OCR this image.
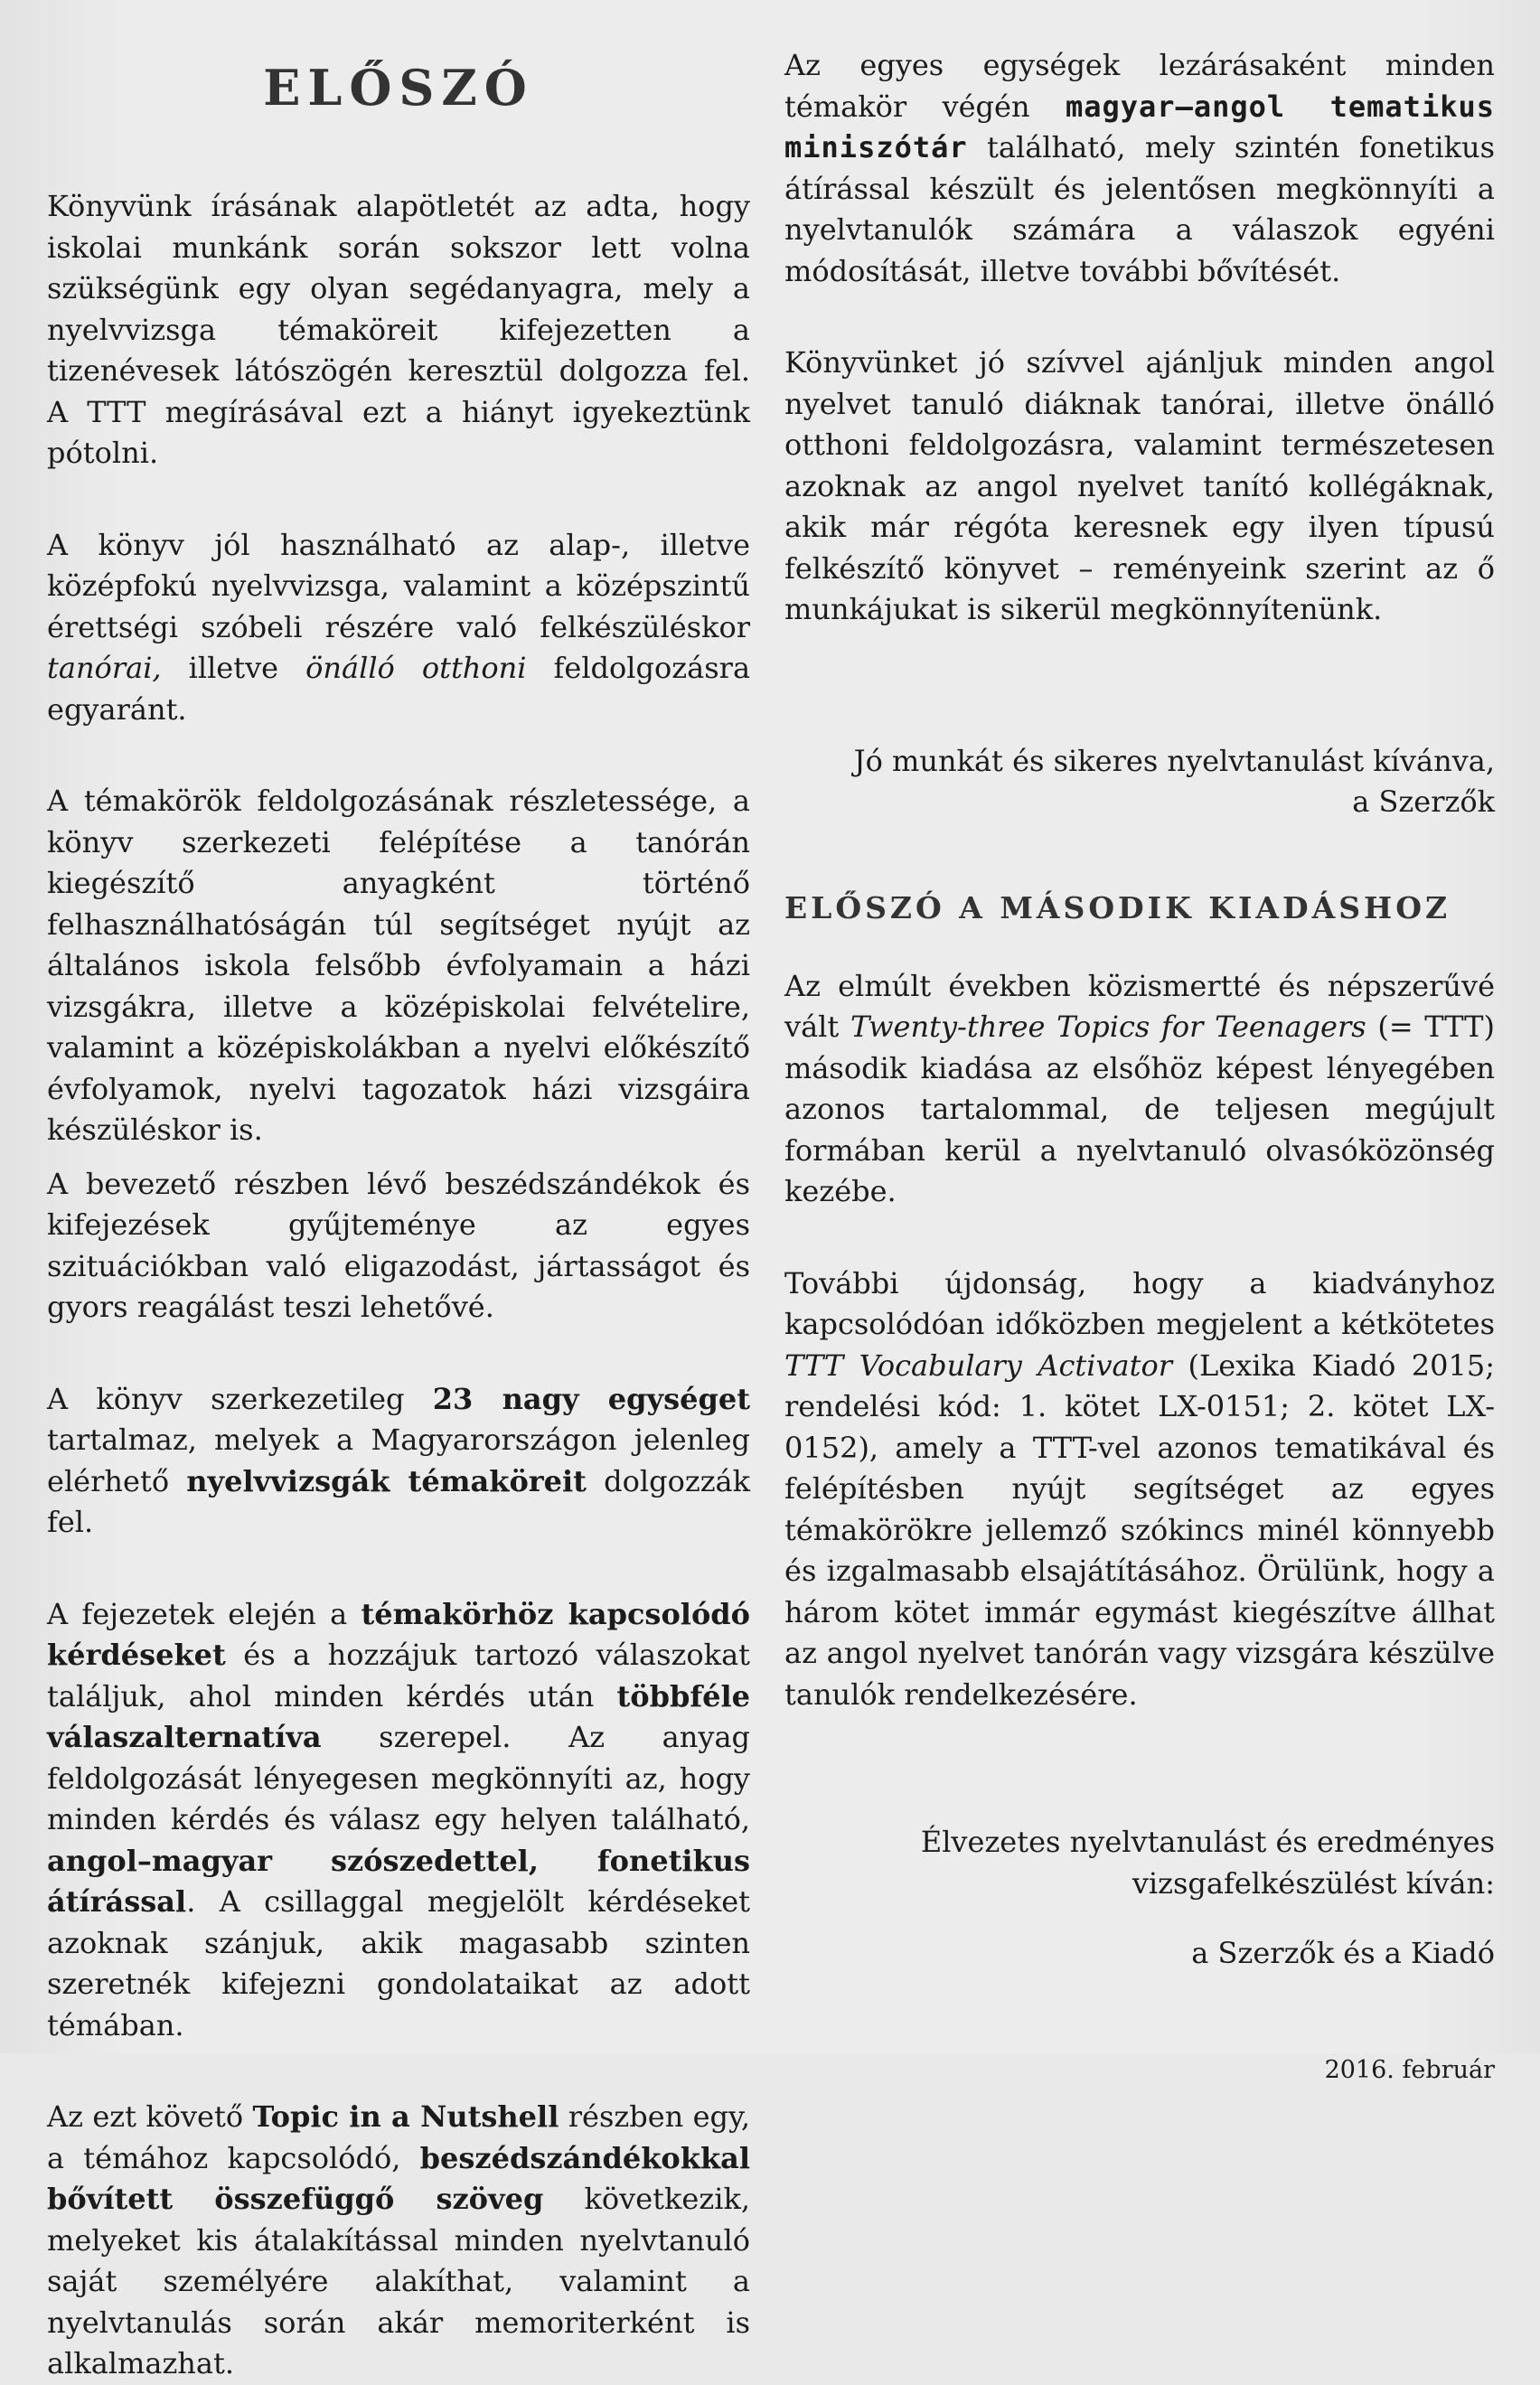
ELŐSZÓ

Könyvünk írásának alapötletét az adta, hogy iskolai munkánk során sokszor lett volna szükségünk egy olyan segédanyagra, mely a nyelvvizsga témaköreit kifejezetten a tizenévesek látószögén keresztül dolgozza fel. A TTT megírásával ezt a hiányt igyekeztünk pótolni.

A könyv jól használható az alap-, illetve középfokú nyelvvizsga, valamint a középszintű érettségi szóbeli részére való felkészüléskor tanórai, illetve önálló otthoni feldolgozásra egyaránt.

A témakörök feldolgozásának részletessége, a könyv szerkezeti felépítése a tanórán kiegészítő anyagként történő felhasználhatóságán túl segítséget nyújt az általános iskola felsőbb évfolyamain a házi vizsgákra, illetve a középiskolai felvételire, valamint a középiskolákban a nyelvi előkészítő évfolyamok, nyelvi tagozatok házi vizsgáira készüléskor is.

A bevezető részben lévő beszédszándékok és kifejezések gyűjteménye az egyes szituációkban való eligazodást, jártasságot és gyors reagálást teszi lehetővé.

A könyv szerkezetileg 23 nagy egységet tartalmaz, melyek a Magyarországon jelenleg elérhető nyelvvizsgák témaköreit dolgozzák fel.

A fejezetek elején a témakörhöz kapcsolódó kérdéseket és a hozzájuk tartozó válaszokat találjuk, ahol minden kérdés után többféle válaszalternatíva szerepel. Az anyag feldolgozását lényegesen megkönnyíti az, hogy minden kérdés és válasz egy helyen található, angol–magyar szószedettel, fonetikus átírással. A csillaggal megjelölt kérdéseket azoknak szánjuk, akik magasabb szinten szeretnék kifejezni gondolataikat az adott témában.

Az ezt követő Topic in a Nutshell részben egy, a témához kapcsolódó, beszédszándékokkal bővített összefüggő szöveg következik, melyeket kis átalakítással minden nyelvtanuló saját személyére alakíthat, valamint a nyelvtanulás során akár memoriterként is alkalmazhat.

Az egyes egységek lezárásaként minden témakör végén magyar–angol tematikus miniszótár található, mely szintén fonetikus átírással készült és jelentősen megkönnyíti a nyelvtanulók számára a válaszok egyéni módosítását, illetve további bővítését.

Könyvünket jó szívvel ajánljuk minden angol nyelvet tanuló diáknak tanórai, illetve önálló otthoni feldolgozásra, valamint természetesen azoknak az angol nyelvet tanító kollégáknak, akik már régóta keresnek egy ilyen típusú felkészítő könyvet – reményeink szerint az ő munkájukat is sikerül megkönnyítenünk.

Jó munkát és sikeres nyelvtanulást kívánva,

a Szerzők

ELŐSZÓ A MÁSODIK KIADÁSHOZ

Az elmúlt években közismertté és népszerűvé vált Twenty-three Topics for Teenagers (= TTT) második kiadása az elsőhöz képest lényegében azonos tartalommal, de teljesen megújult formában kerül a nyelvtanuló olvasóközönség kezébe.

További újdonság, hogy a kiadványhoz kapcsolódóan időközben megjelent a kétkötetes TTT Vocabulary Activator (Lexika Kiadó 2015; rendelési kód: 1. kötet LX-0151; 2. kötet LX-0152), amely a TTT-vel azonos tematikával és felépítésben nyújt segítséget az egyes témakörökre jellemző szókincs minél könnyebb és izgalmasabb elsajátításához. Örülünk, hogy a három kötet immár egymást kiegészítve állhat az angol nyelvet tanórán vagy vizsgára készülve tanulók rendelkezésére.

Élvezetes nyelvtanulást és eredményes

vizsgafelkészülést kíván:

a Szerzők és a Kiadó

2016. február
